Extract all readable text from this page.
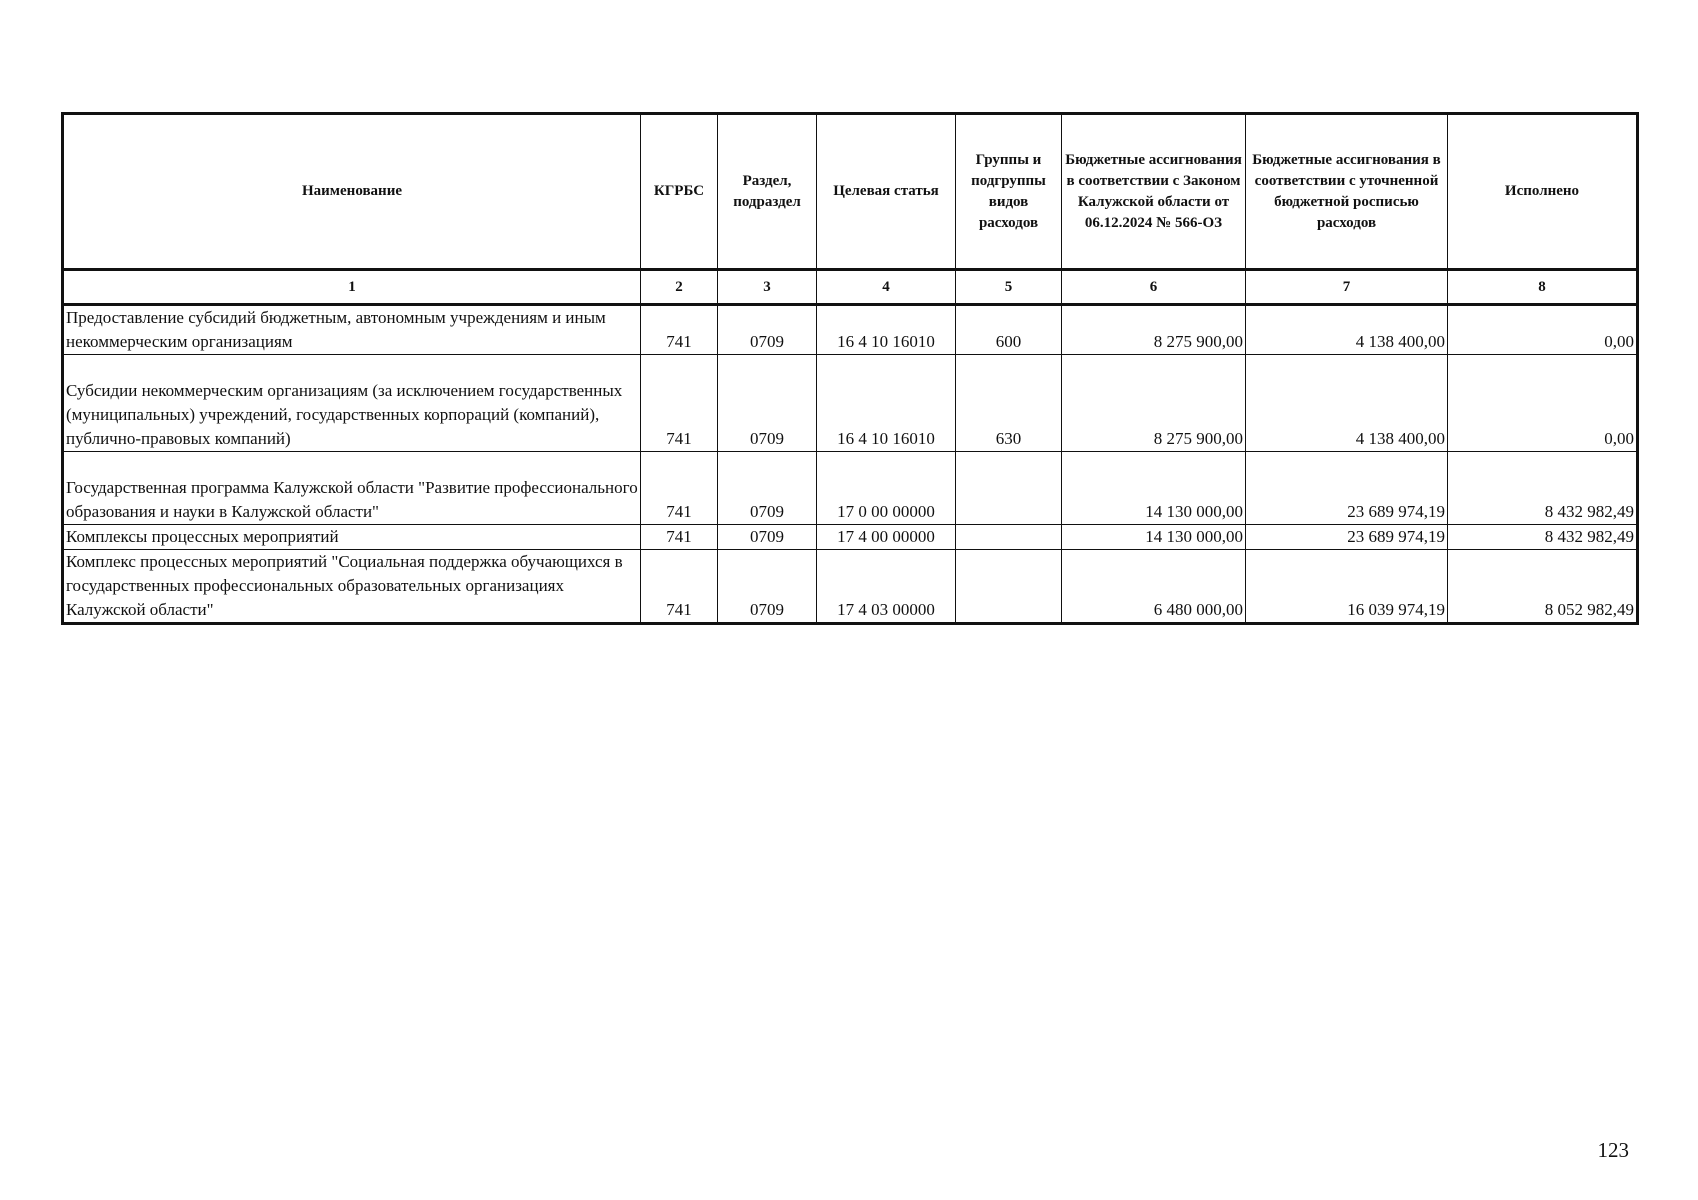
Наименование	КГРБС	Раздел, подраздел	Целевая статья	Группы и подгруппы видов расходов	Бюджетные ассигнования в соответствии с Законом Калужской области от 06.12.2024 № 566-ОЗ	Бюджетные ассигнования в соответствии с уточненной бюджетной росписью расходов	Исполнено
1	2	3	4	5	6	7	8
Предоставление субсидий бюджетным, автономным учреждениям и иным некоммерческим организациям	741	0709	16 4 10 16010	600	8 275 900,00	4 138 400,00	0,00
Субсидии некоммерческим организациям (за исключением государственных (муниципальных) учреждений, государственных корпораций (компаний), публично-правовых компаний)	741	0709	16 4 10 16010	630	8 275 900,00	4 138 400,00	0,00
Государственная программа Калужской области "Развитие профессионального образования и науки в Калужской области"	741	0709	17 0 00 00000		14 130 000,00	23 689 974,19	8 432 982,49
Комплексы процессных мероприятий	741	0709	17 4 00 00000		14 130 000,00	23 689 974,19	8 432 982,49
Комплекс процессных мероприятий "Социальная поддержка обучающихся в государственных профессиональных образовательных организациях Калужской области"	741	0709	17 4 03 00000		6 480 000,00	16 039 974,19	8 052 982,49
123
